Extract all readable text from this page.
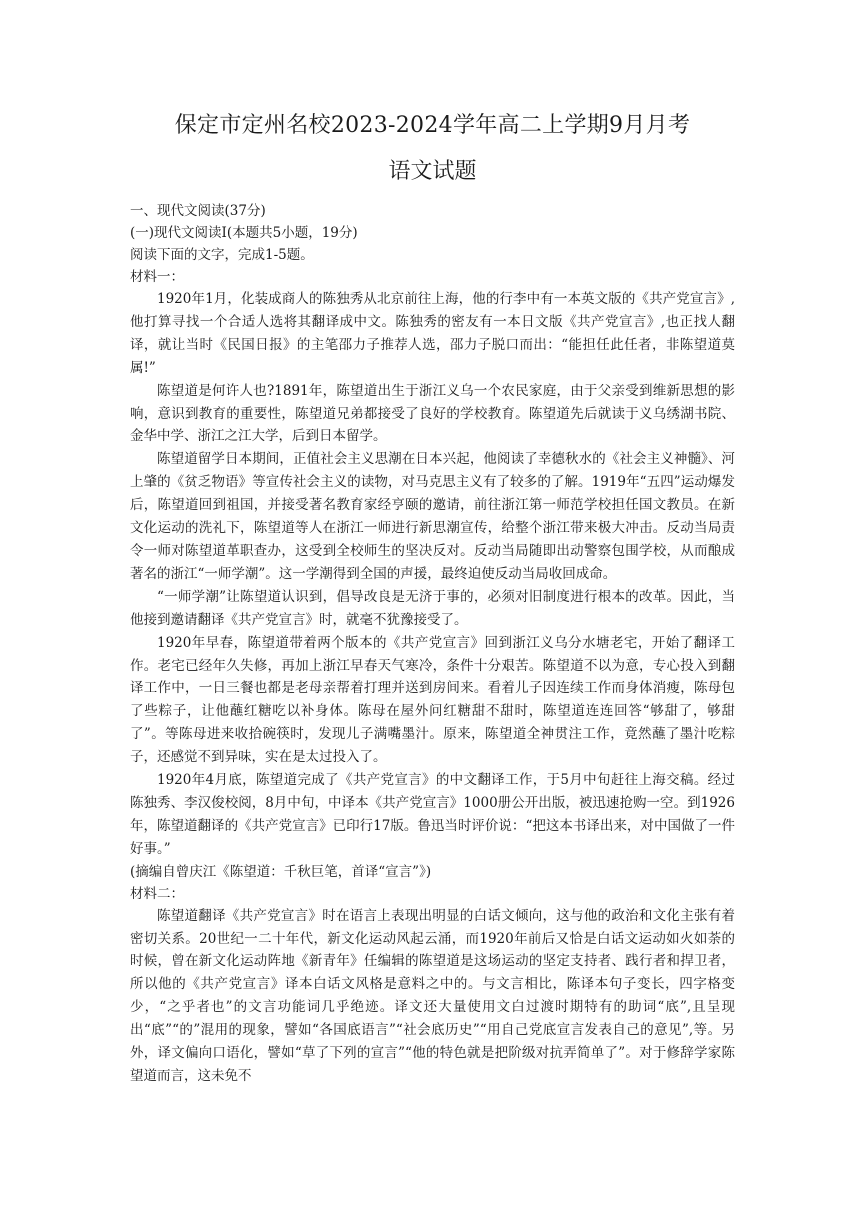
保定市定州名校2023-2024学年高二上学期9月月考
语文试题

一、现代文阅读(37分)

(一)现代文阅读I(本题共5小题，19分)

阅读下面的文字，完成1-5题。

材料一：

1920年1月，化装成商人的陈独秀从北京前往上海，他的行李中有一本英文版的《共产党宣言》,他打算寻找一个合适人选将其翻译成中文。陈独秀的密友有一本日文版《共产党宣言》,也正找人翻译，就让当时《民国日报》的主笔邵力子推荐人选，邵力子脱口而出：“能担任此任者，非陈望道莫属!”

陈望道是何许人也?1891年，陈望道出生于浙江义乌一个农民家庭，由于父亲受到维新思想的影响，意识到教育的重要性，陈望道兄弟都接受了良好的学校教育。陈望道先后就读于义乌绣湖书院、金华中学、浙江之江大学，后到日本留学。

陈望道留学日本期间，正值社会主义思潮在日本兴起，他阅读了幸德秋水的《社会主义神髓》、河上肇的《贫乏物语》等宣传社会主义的读物，对马克思主义有了较多的了解。1919年“五四”运动爆发后，陈望道回到祖国，并接受著名教育家经亨颐的邀请，前往浙江第一师范学校担任国文教员。在新文化运动的洗礼下，陈望道等人在浙江一师进行新思潮宣传，给整个浙江带来极大冲击。反动当局责令一师对陈望道革职查办，这受到全校师生的坚决反对。反动当局随即出动警察包围学校，从而酿成著名的浙江“一师学潮”。这一学潮得到全国的声援，最终迫使反动当局收回成命。

“一师学潮”让陈望道认识到，倡导改良是无济于事的，必须对旧制度进行根本的改革。因此，当他接到邀请翻译《共产党宣言》时，就毫不犹豫接受了。

1920年早春，陈望道带着两个版本的《共产党宣言》回到浙江义乌分水塘老宅，开始了翻译工作。老宅已经年久失修，再加上浙江早春天气寒冷，条件十分艰苦。陈望道不以为意，专心投入到翻译工作中，一日三餐也都是老母亲帮着打理并送到房间来。看着儿子因连续工作而身体消瘦，陈母包了些粽子，让他蘸红糖吃以补身体。陈母在屋外问红糖甜不甜时，陈望道连连回答“够甜了，够甜了”。等陈母进来收拾碗筷时，发现儿子满嘴墨汁。原来，陈望道全神贯注工作，竟然蘸了墨汁吃粽子，还感觉不到异味，实在是太过投入了。

1920年4月底，陈望道完成了《共产党宣言》的中文翻译工作，于5月中旬赶往上海交稿。经过陈独秀、李汉俊校阅，8月中旬，中译本《共产党宣言》1000册公开出版，被迅速抢购一空。到1926年，陈望道翻译的《共产党宣言》已印行17版。鲁迅当时评价说：“把这本书译出来，对中国做了一件好事。”

(摘编自曾庆江《陈望道：千秋巨笔，首译“宣言”》)

材料二：

陈望道翻译《共产党宣言》时在语言上表现出明显的白话文倾向，这与他的政治和文化主张有着密切关系。20世纪一二十年代，新文化运动风起云涌，而1920年前后又恰是白话文运动如火如荼的时候，曾在新文化运动阵地《新青年》任编辑的陈望道是这场运动的坚定支持者、践行者和捍卫者，所以他的《共产党宣言》译本白话文风格是意料之中的。与文言相比，陈译本句子变长，四字格变少，“之乎者也”的文言功能词几乎绝迹。译文还大量使用文白过渡时期特有的助词“底”,且呈现出“底”“的”混用的现象，譬如“各国底语言”“社会底历史”“用自己党底宣言发表自己的意见”,等。另外，译文偏向口语化，譬如“草了下列的宣言”“他的特色就是把阶级对抗弄简单了”。对于修辞学家陈望道而言，这未免不
